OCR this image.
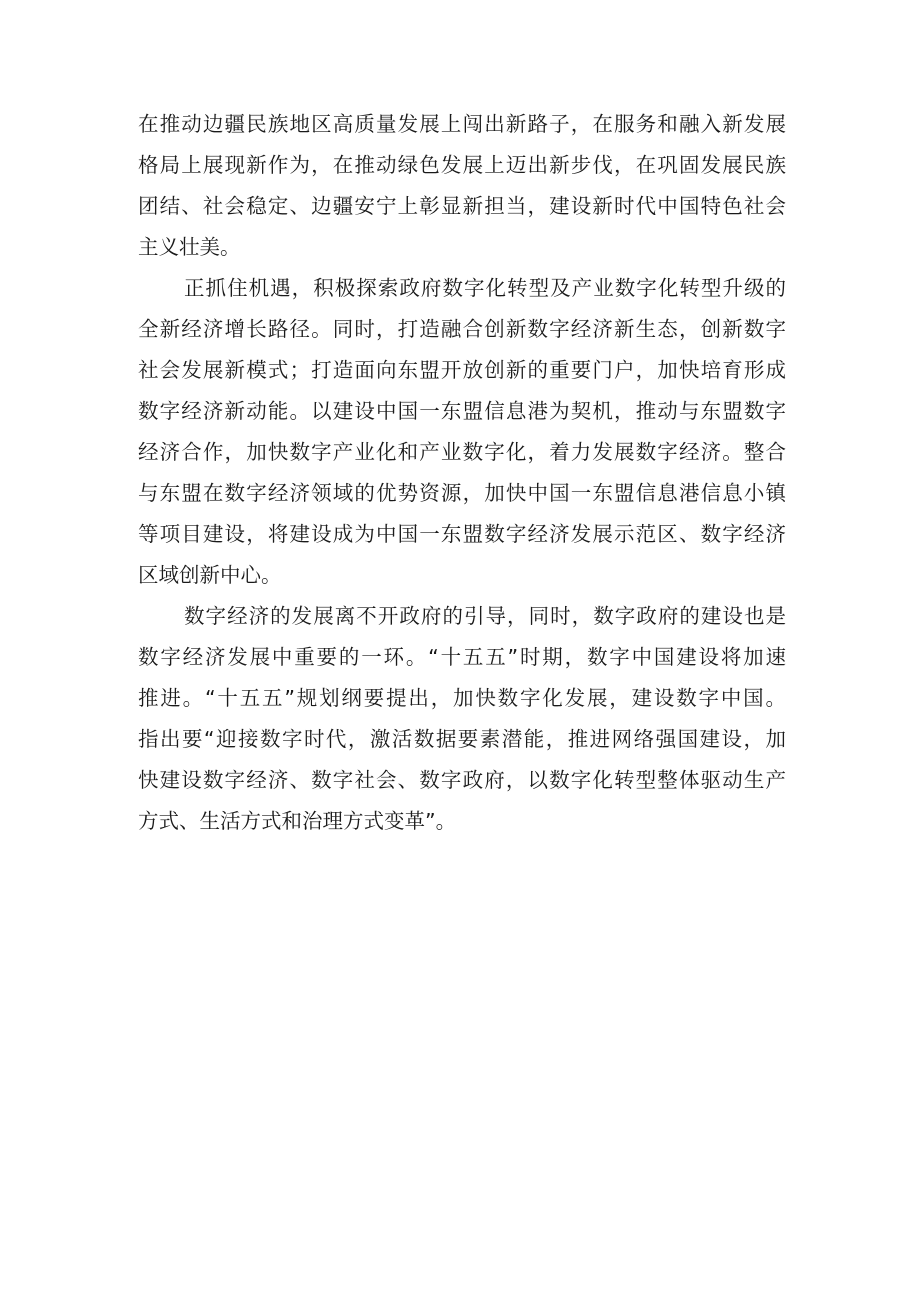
在推动边疆民族地区高质量发展上闯出新路子，在服务和融入新发展
格局上展现新作为，在推动绿色发展上迈出新步伐，在巩固发展民族
团结、社会稳定、边疆安宁上彰显新担当，建设新时代中国特色社会
主义壮美。
正抓住机遇，积极探索政府数字化转型及产业数字化转型升级的
全新经济增长路径。同时，打造融合创新数字经济新生态，创新数字
社会发展新模式；打造面向东盟开放创新的重要门户，加快培育形成
数字经济新动能。以建设中国一东盟信息港为契机，推动与东盟数字
经济合作，加快数字产业化和产业数字化，着力发展数字经济。整合
与东盟在数字经济领域的优势资源，加快中国一东盟信息港信息小镇
等项目建设，将建设成为中国一东盟数字经济发展示范区、数字经济
区域创新中心。
数字经济的发展离不开政府的引导，同时，数字政府的建设也是
数字经济发展中重要的一环。“十五五”时期，数字中国建设将加速
推进。“十五五”规划纲要提出，加快数字化发展，建设数字中国。
指出要“迎接数字时代，激活数据要素潜能，推进网络强国建设，加
快建设数字经济、数字社会、数字政府，以数字化转型整体驱动生产
方式、生活方式和治理方式变革”。
